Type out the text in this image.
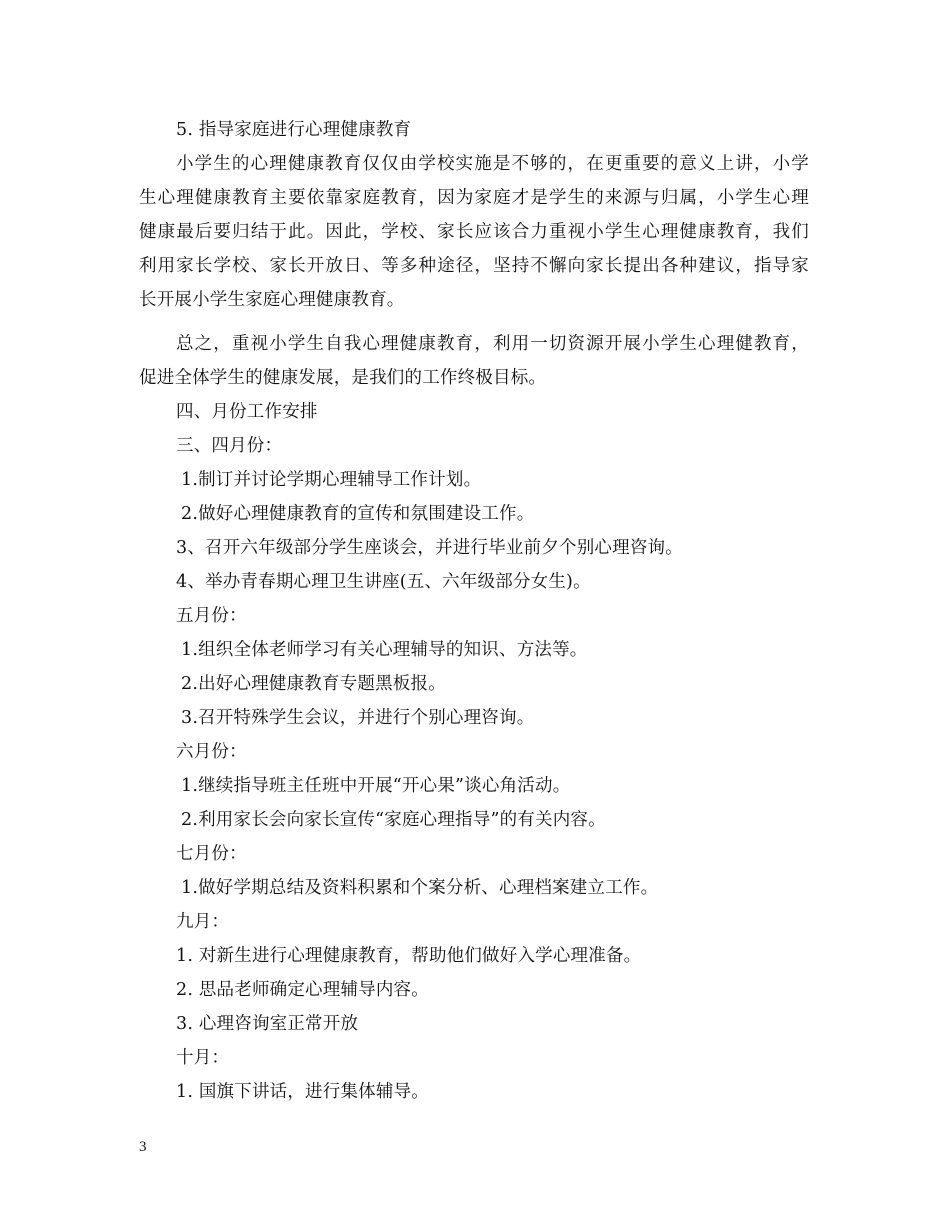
5. 指导家庭进行心理健康教育
小学生的心理健康教育仅仅由学校实施是不够的，在更重要的意义上讲，小学
生心理健康教育主要依靠家庭教育，因为家庭才是学生的来源与归属，小学生心理
健康最后要归结于此。因此，学校、家长应该合力重视小学生心理健康教育，我们
利用家长学校、家长开放日、等多种途径，坚持不懈向家长提出各种建议，指导家
长开展小学生家庭心理健康教育。
总之，重视小学生自我心理健康教育，利用一切资源开展小学生心理健教育，
促进全体学生的健康发展，是我们的工作终极目标。
四、月份工作安排
三、四月份：
1.制订并讨论学期心理辅导工作计划。
2.做好心理健康教育的宣传和氛围建设工作。
3、召开六年级部分学生座谈会，并进行毕业前夕个别心理咨询。
4、举办青春期心理卫生讲座(五、六年级部分女生)。
五月份：
1.组织全体老师学习有关心理辅导的知识、方法等。
2.出好心理健康教育专题黑板报。
3.召开特殊学生会议，并进行个别心理咨询。
六月份：
1.继续指导班主任班中开展“开心果”谈心角活动。
2.利用家长会向家长宣传“家庭心理指导”的有关内容。
七月份：
1.做好学期总结及资料积累和个案分析、心理档案建立工作。
九月：
1. 对新生进行心理健康教育，帮助他们做好入学心理准备。
2. 思品老师确定心理辅导内容。
3. 心理咨询室正常开放
十月：
1. 国旗下讲话，进行集体辅导。
3
